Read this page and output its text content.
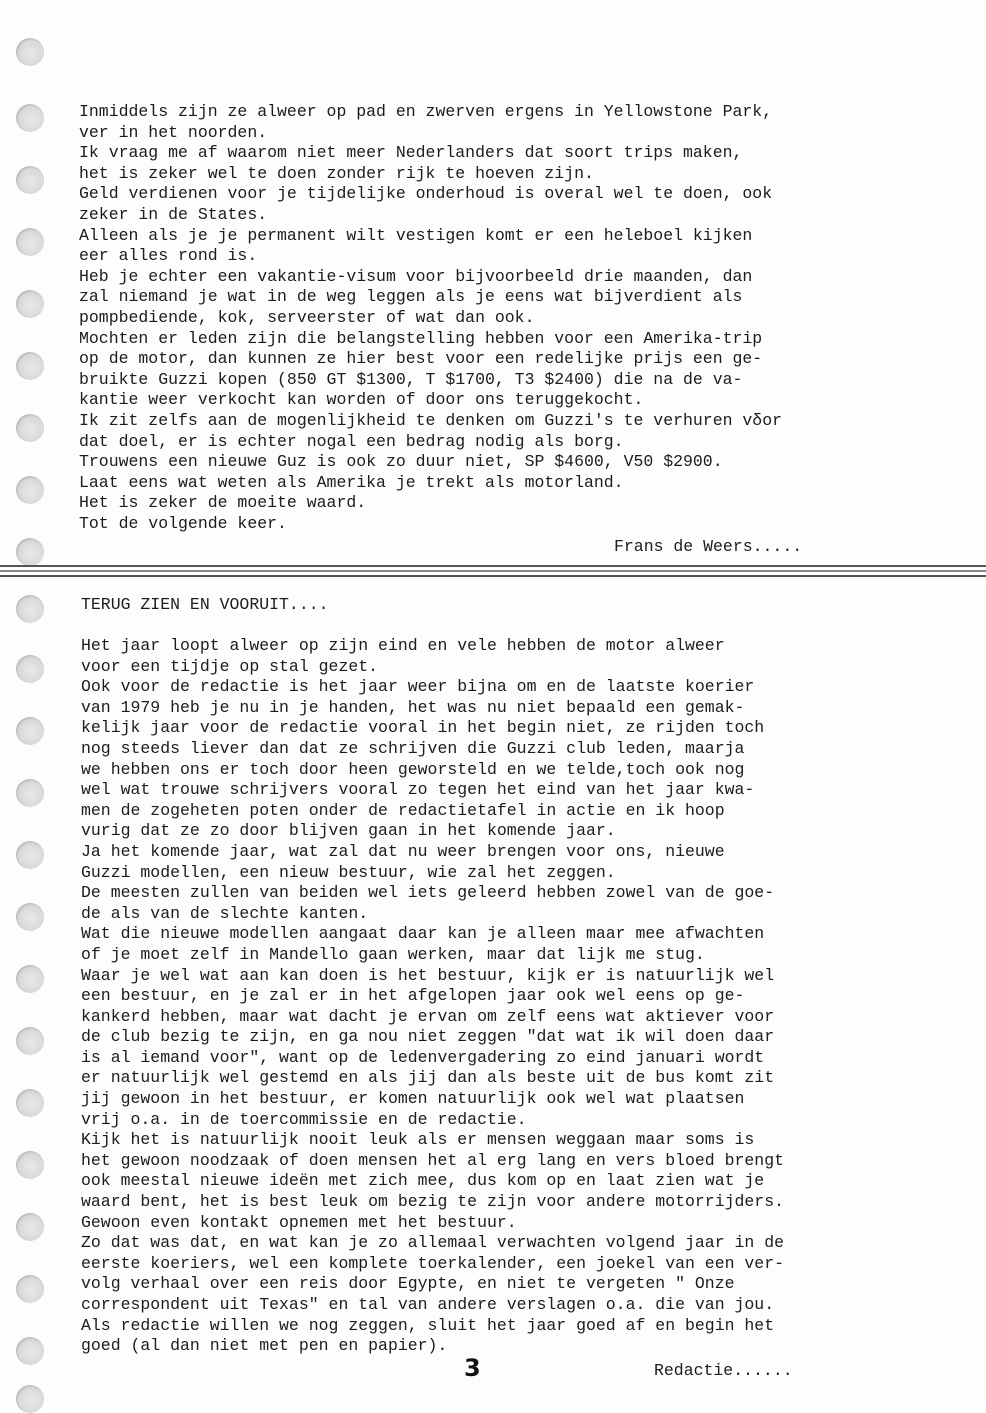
Inmiddels zijn ze alweer op pad en zwerven ergens in Yellowstone Park,
ver in het noorden.
Ik vraag me af waarom niet meer Nederlanders dat soort trips maken,
het is zeker wel te doen zonder rijk te hoeven zijn.
Geld verdienen voor je tijdelijke onderhoud is overal wel te doen, ook
zeker in de States.
Alleen als je je permanent wilt vestigen komt er een heleboel kijken
eer alles rond is.
Heb je echter een vakantie-visum voor bijvoorbeeld drie maanden, dan
zal niemand je wat in de weg leggen als je eens wat bijverdient als
pompbediende, kok, serveerster of wat dan ook.
Mochten er leden zijn die belangstelling hebben voor een Amerika-trip
op de motor, dan kunnen ze hier best voor een redelijke prijs een ge-
bruikte Guzzi kopen (850 GT $1300, T $1700, T3 $2400) die na de va-
kantie weer verkocht kan worden of door ons teruggekocht.
Ik zit zelfs aan de mogenlijkheid te denken om Guzzi's te verhuren vδor
dat doel, er is echter nogal een bedrag nodig als borg.
Trouwens een nieuwe Guz is ook zo duur niet, SP $4600, V50 $2900.
Laat eens wat weten als Amerika je trekt als motorland.
Het is zeker de moeite waard.
Tot de volgende keer.
Frans de Weers.....
TERUG ZIEN EN VOORUIT....
Het jaar loopt alweer op zijn eind en vele hebben de motor alweer
voor een tijdje op stal gezet.
Ook voor de redactie is het jaar weer bijna om en de laatste koerier
van 1979 heb je nu in je handen, het was nu niet bepaald een gemak-
kelijk jaar voor de redactie vooral in het begin niet, ze rijden toch
nog steeds liever dan dat ze schrijven die Guzzi club leden, maarja
we hebben ons er toch door heen geworsteld en we telde,toch ook nog
wel wat trouwe schrijvers vooral zo tegen het eind van het jaar kwa-
men de zogeheten poten onder de redactietafel in actie en ik hoop
vurig dat ze zo door blijven gaan in het komende jaar.
Ja het komende jaar, wat zal dat nu weer brengen voor ons, nieuwe
Guzzi modellen, een nieuw bestuur, wie zal het zeggen.
De meesten zullen van beiden wel iets geleerd hebben zowel van de goe-
de als van de slechte kanten.
Wat die nieuwe modellen aangaat daar kan je alleen maar mee afwachten
of je moet zelf in Mandello gaan werken, maar dat lijk me stug.
Waar je wel wat aan kan doen is het bestuur, kijk er is natuurlijk wel
een bestuur, en je zal er in het afgelopen jaar ook wel eens op ge-
kankerd hebben, maar wat dacht je ervan om zelf eens wat aktiever voor
de club bezig te zijn, en ga nou niet zeggen "dat wat ik wil doen daar
is al iemand voor", want op de ledenvergadering zo eind januari wordt
er natuurlijk wel gestemd en als jij dan als beste uit de bus komt zit
jij gewoon in het bestuur, er komen natuurlijk ook wel wat plaatsen
vrij o.a. in de toercommissie en de redactie.
Kijk het is natuurlijk nooit leuk als er mensen weggaan maar soms is
het gewoon noodzaak of doen mensen het al erg lang en vers bloed brengt
ook meestal nieuwe ideën met zich mee, dus kom op en laat zien wat je
waard bent, het is best leuk om bezig te zijn voor andere motorrijders.
Gewoon even kontakt opnemen met het bestuur.
Zo dat was dat, en wat kan je zo allemaal verwachten volgend jaar in de
eerste koeriers, wel een komplete toerkalender, een joekel van een ver-
volg verhaal over een reis door Egypte, en niet te vergeten " Onze
correspondent uit Texas" en tal van andere verslagen o.a. die van jou.
Als redactie willen we nog zeggen, sluit het jaar goed af en begin het
goed (al dan niet met pen en papier).
3	Redactie......
